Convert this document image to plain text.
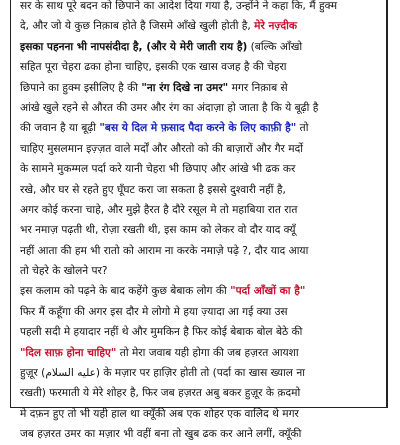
सर के साथ पूरे बदन को छिपाने का आदेश दिया गया है, उन्होंने ने कहा कि, मैं हुक्म
दे, और जो ये कुछ निक़ाब होते है जिसमे आँखे खुली होती है, मेरे नज़्दीक
इसका पहनना भी नापसंदीदा है, (और ये मेरी जाती राय है) (बल्कि आँखो
सहित पूरा चेहरा ढका होना चाहिए, इसकी एक खास वजह है की चेहरा
छिपाने का हुक्म इसीलिए है की "ना रंग दिखे ना उमर" मगर निक़ाब से
आंखे खुले रहने से औरत की उमर और रंग का अंदाज़ा हो जाता है कि ये बूढ़ी है
की जवान है या बूढ़ी "बस ये दिल मे फ़साद पैदा करने के लिए काफ़ी है" तो
चाहिए मुसलमान इज़्ज़त वाले मर्दों और औरतो को की बाज़ारों और गैर मर्दो
के सामने मुकम्मल पर्दा करे यानी चेहरा भी छिपाए और आंखे भी ढक कर
रखे, और घर से रहते हुए घूँघट करा जा सकता है इससे दुश्वारी नहीं है,
अगर कोई करना चाहे, और मुझे हैरत है दौरे रसूल मे तो महाबिया रात रात
भर नमाज़ पढ़ती थी, रोज़ा रखती थी, इस काम को लेकर वो दौर याद क्यूँ
नहीं आता की हम भी रातो को आराम ना करके नमाज़े पढ़े ?, दौर याद आया
तो चेहरे के खोलने पर?
इस कलाम को पढ़ने के बाद कहेंगे कुछ बेबाक लोग की "पर्दा आँखों का है"
फिर मैं कहूँगा की अगर इस दौर मे लोगो मे हया ज़्यादा आ गई क्या उस
पहली सदी मे हयादार नहीं थे और मुमकिन है फिर कोई बेबाक बोल बेठे की
"दिल साफ़ होना चाहिए" तो मेरा जवाब यही होगा की जब हज़रत आयशा
हुज़ूर (عليه السلام) के मज़ार पर हाज़िर होती तो (पर्दा का खास ख्याल ना
रखती) फरमाती ये मेरे शोहर है, फिर जब हज़रत अबु बकर हुज़ूर के क़दमो
मे दफ़न हुए तो भी यही हाल था क्यूँकी अब एक शोहर एक वालिद थे मगर
जब हज़रत उमर का मज़ार भी वहीं बना तो खुब ढक कर आने लगीं, क्यूँकी
